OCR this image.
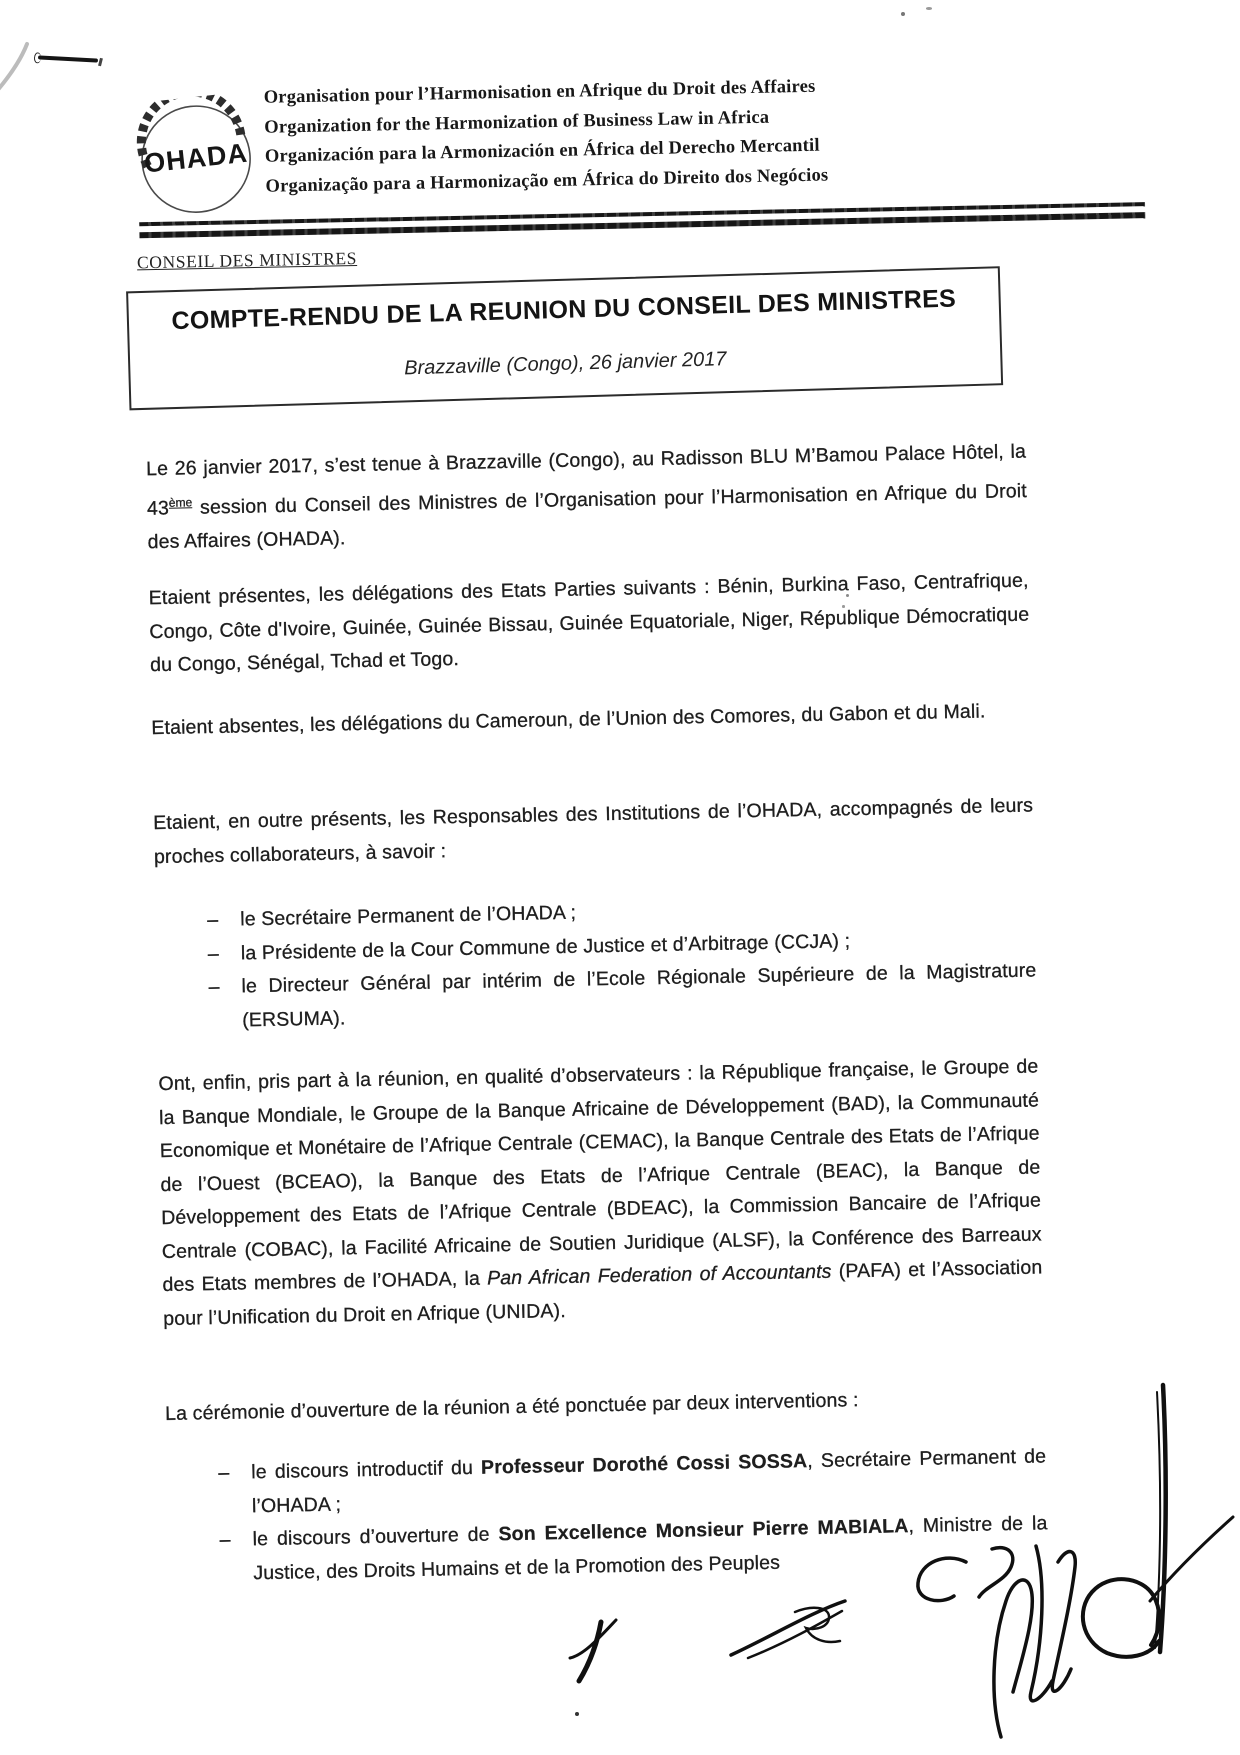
OHADA
Organisation pour l’Harmonisation en Afrique du Droit des Affaires
Organization for the Harmonization of Business Law in Africa
Organización para la Armonización en África del Derecho Mercantil
Organização para a Harmonização em África do Direito dos Negócios
CONSEIL DES MINISTRES
COMPTE-RENDU DE LA REUNION DU CONSEIL DES MINISTRES
Brazzaville (Congo), 26 janvier 2017

Le 26 janvier 2017, s’est tenue à Brazzaville (Congo), au Radisson BLU M’Bamou Palace Hôtel, la 43ème session du Conseil des Ministres de l’Organisation pour l’Harmonisation en Afrique du Droit des Affaires (OHADA).

Etaient présentes, les délégations des Etats Parties suivants : Bénin, Burkina Faso, Centrafrique, Congo, Côte d'Ivoire, Guinée, Guinée Bissau, Guinée Equatoriale, Niger, République Démocratique du Congo, Sénégal, Tchad et Togo.

Etaient absentes, les délégations du Cameroun, de l’Union des Comores, du Gabon et du Mali.

Etaient, en outre présents, les Responsables des Institutions de l’OHADA, accompagnés de leurs proches collaborateurs, à savoir :

– le Secrétaire Permanent de l’OHADA ;
– la Présidente de la Cour Commune de Justice et d’Arbitrage (CCJA) ;
– le Directeur Général par intérim de l’Ecole Régionale Supérieure de la Magistrature (ERSUMA).

Ont, enfin, pris part à la réunion, en qualité d’observateurs : la République française, le Groupe de la Banque Mondiale, le Groupe de la Banque Africaine de Développement (BAD), la Communauté Economique et Monétaire de l’Afrique Centrale (CEMAC), la Banque Centrale des Etats de l’Afrique de l’Ouest (BCEAO), la Banque des Etats de l’Afrique Centrale (BEAC), la Banque de Développement des Etats de l’Afrique Centrale (BDEAC), la Commission Bancaire de l’Afrique Centrale (COBAC), la Facilité Africaine de Soutien Juridique (ALSF), la Conférence des Barreaux des Etats membres de l’OHADA, la Pan African Federation of Accountants (PAFA) et l’Association pour l’Unification du Droit en Afrique (UNIDA).

La cérémonie d’ouverture de la réunion a été ponctuée par deux interventions :

– le discours introductif du Professeur Dorothé Cossi SOSSA, Secrétaire Permanent de l’OHADA ;
– le discours d’ouverture de Son Excellence Monsieur Pierre MABIALA, Ministre de la Justice, des Droits Humains et de la Promotion des Peuples
